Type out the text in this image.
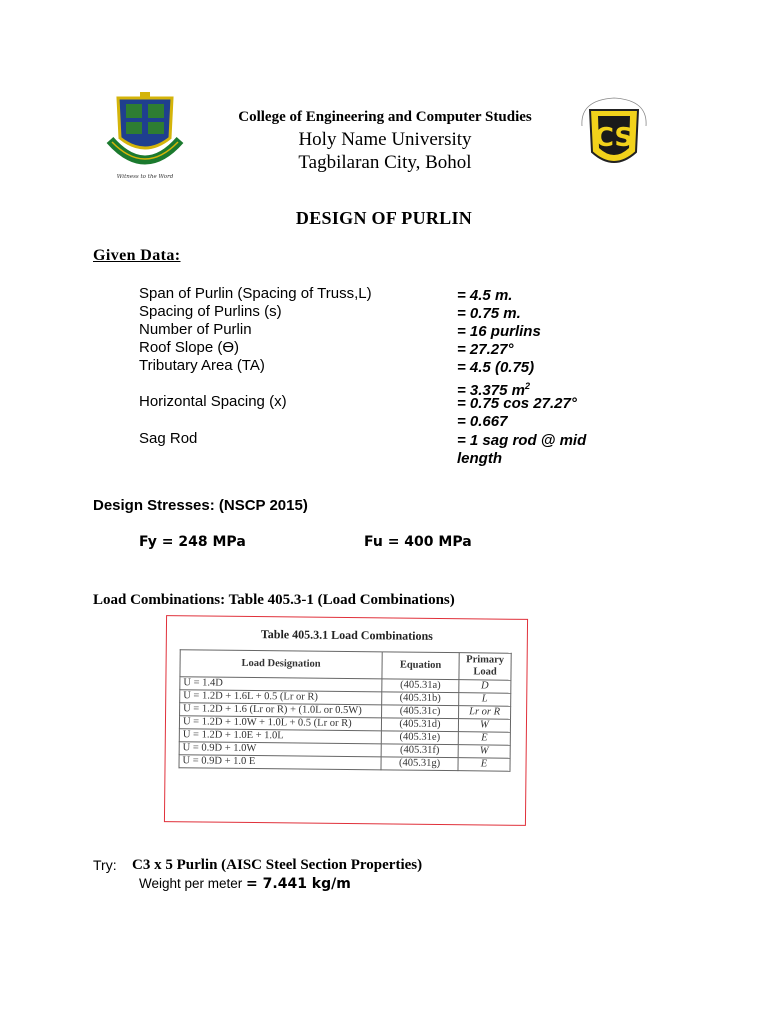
Witness to the Word
College of Engineering and Computer Studies
Holy Name University
Tagbilaran City, Bohol
CS
DESIGN OF PURLIN
Given Data:
Span of Purlin (Spacing of Truss,L)	= 4.5 m.
Spacing of Purlins (s)	= 0.75 m.
Number of Purlin	= 16 purlins
Roof Slope (Ɵ)	= 27.27°
Tributary Area (TA)	= 4.5 (0.75)
= 3.375 $m^2$
Horizontal Spacing (x)	= 0.75 cos 27.27°
= 0.667
Sag Rod	= 1 sag rod @ mid length
Design Stresses: (NSCP 2015)
Fy = 248 MPa	Fu = 400 MPa
Load Combinations: Table 405.3-1 (Load Combinations)
Table 405.3.1 Load Combinations
Load Designation	Equation	Primary Load
U = 1.4D	(405.31a)	D
U = 1.2D + 1.6L + 0.5 (Lr or R)	(405.31b)	L
U = 1.2D + 1.6 (Lr or R) + (1.0L or 0.5W)	(405.31c)	Lr or R
U = 1.2D + 1.0W + 1.0L + 0.5 (Lr or R)	(405.31d)	W
U = 1.2D + 1.0E + 1.0L	(405.31e)	E
U = 0.9D + 1.0W	(405.31f)	W
U = 0.9D + 1.0 E	(405.31g)	E
Try: C3 x 5 Purlin (AISC Steel Section Properties)
Weight per meter = 7.441 kg/m
